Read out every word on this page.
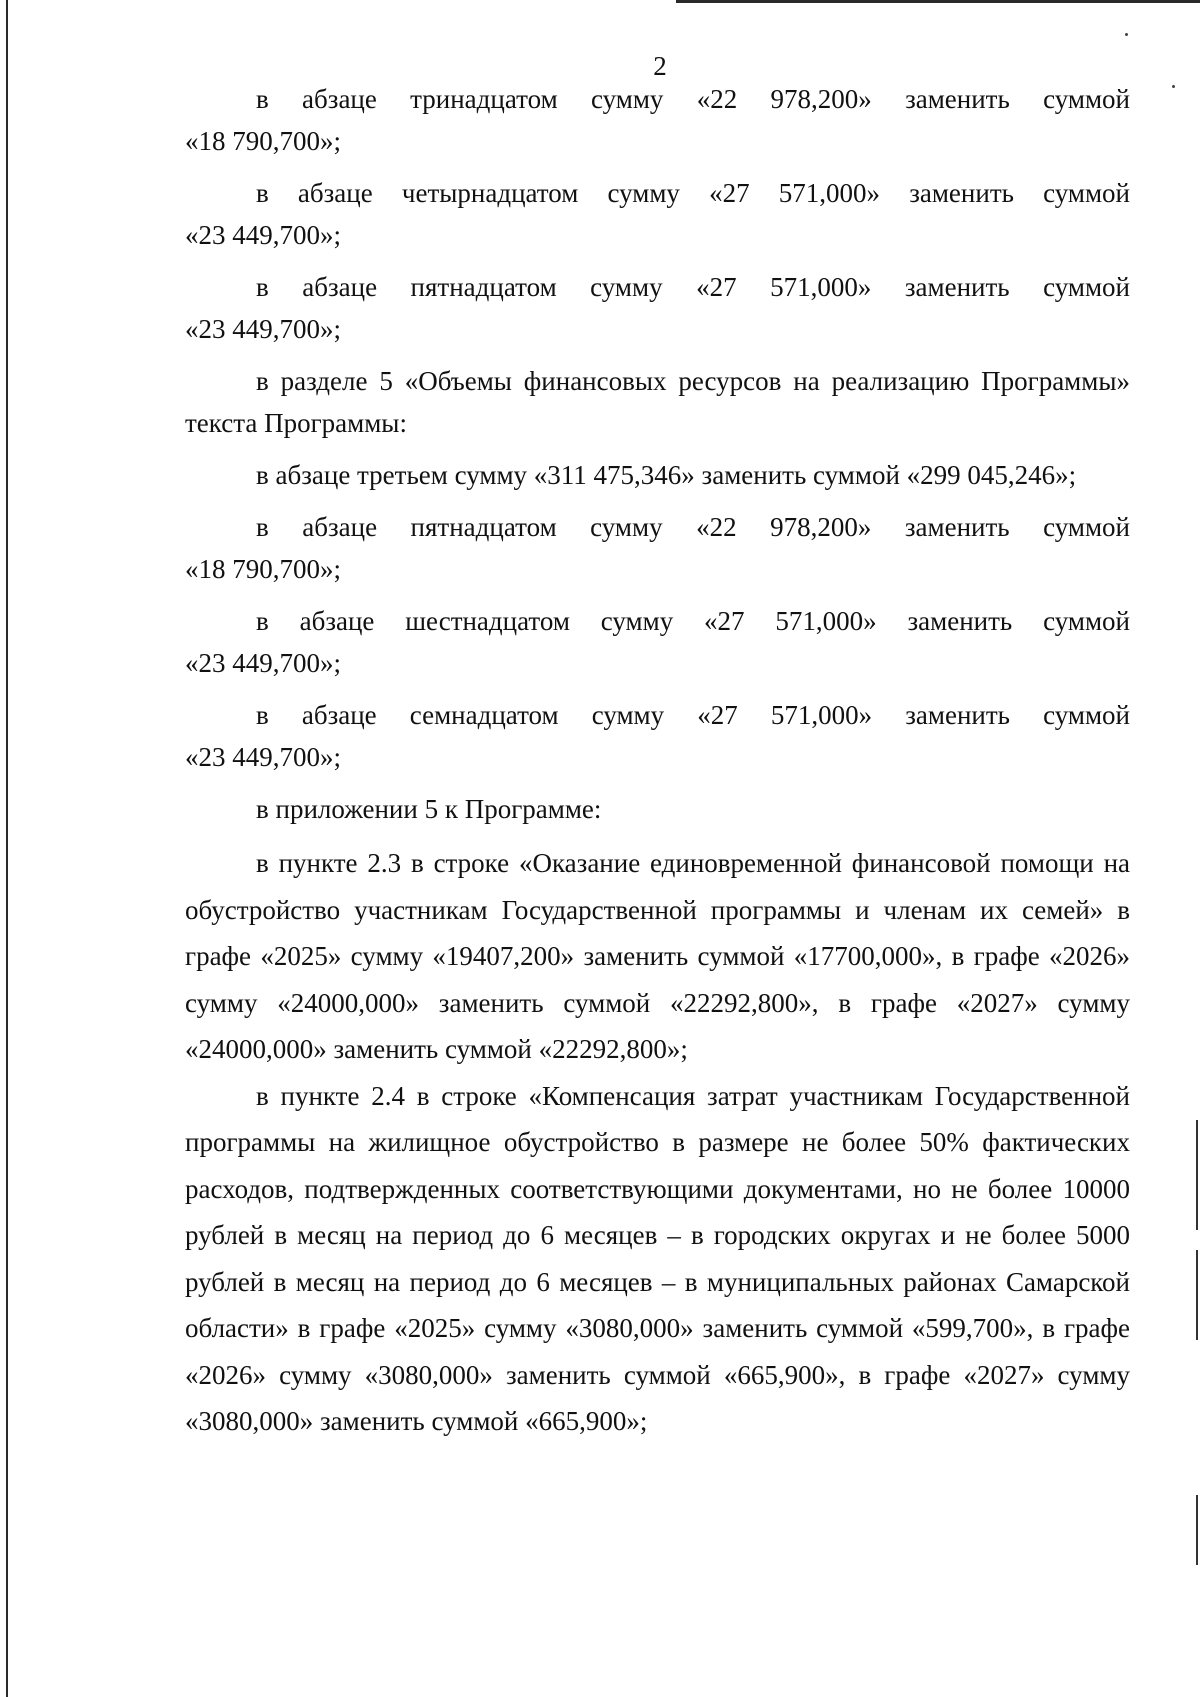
2

в абзаце тринадцатом сумму «22 978,200» заменить суммой
«18 790,700»;

в абзаце четырнадцатом сумму «27 571,000» заменить суммой
«23 449,700»;

в абзаце пятнадцатом сумму «27 571,000» заменить суммой
«23 449,700»;

в разделе 5 «Объемы финансовых ресурсов на реализацию Программы»
текста Программы:

в абзаце третьем сумму «311 475,346» заменить суммой «299 045,246»;

в абзаце пятнадцатом сумму «22 978,200» заменить суммой
«18 790,700»;

в абзаце шестнадцатом сумму «27 571,000» заменить суммой
«23 449,700»;

в абзаце семнадцатом сумму «27 571,000» заменить суммой
«23 449,700»;

в приложении 5 к Программе:

в пункте 2.3 в строке «Оказание единовременной финансовой помощи на обустройство участникам Государственной программы и членам их семей» в графе «2025» сумму «19407,200» заменить суммой «17700,000», в графе «2026» сумму «24000,000» заменить суммой «22292,800», в графе «2027» сумму «24000,000» заменить суммой «22292,800»;

в пункте 2.4 в строке «Компенсация затрат участникам Государственной программы на жилищное обустройство в размере не более 50% фактических расходов, подтвержденных соответствующими документами, но не более 10000 рублей в месяц на период до 6 месяцев – в городских округах и не более 5000 рублей в месяц на период до 6 месяцев – в муниципальных районах Самарской области» в графе «2025» сумму «3080,000» заменить суммой «599,700», в графе «2026» сумму «3080,000» заменить суммой «665,900», в графе «2027» сумму «3080,000» заменить суммой «665,900»;
